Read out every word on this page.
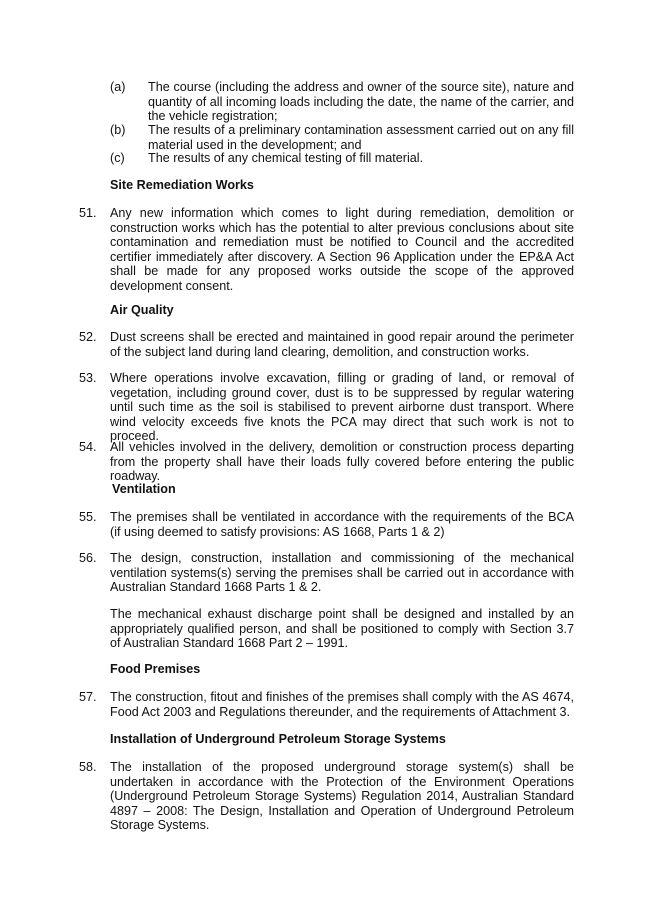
(a) The course (including the address and owner of the source site), nature and quantity of all incoming loads including the date, the name of the carrier, and the vehicle registration;
(b) The results of a preliminary contamination assessment carried out on any fill material used in the development; and
(c) The results of any chemical testing of fill material.
Site Remediation Works
51. Any new information which comes to light during remediation, demolition or construction works which has the potential to alter previous conclusions about site contamination and remediation must be notified to Council and the accredited certifier immediately after discovery. A Section 96 Application under the EP&A Act shall be made for any proposed works outside the scope of the approved development consent.
Air Quality
52. Dust screens shall be erected and maintained in good repair around the perimeter of the subject land during land clearing, demolition, and construction works.
53. Where operations involve excavation, filling or grading of land, or removal of vegetation, including ground cover, dust is to be suppressed by regular watering until such time as the soil is stabilised to prevent airborne dust transport. Where wind velocity exceeds five knots the PCA may direct that such work is not to proceed.
54. All vehicles involved in the delivery, demolition or construction process departing from the property shall have their loads fully covered before entering the public roadway.
Ventilation
55. The premises shall be ventilated in accordance with the requirements of the BCA (if using deemed to satisfy provisions: AS 1668, Parts 1 & 2)
56. The design, construction, installation and commissioning of the mechanical ventilation systems(s) serving the premises shall be carried out in accordance with Australian Standard 1668 Parts 1 & 2.
The mechanical exhaust discharge point shall be designed and installed by an appropriately qualified person, and shall be positioned to comply with Section 3.7 of Australian Standard 1668 Part 2 – 1991.
Food Premises
57. The construction, fitout and finishes of the premises shall comply with the AS 4674, Food Act 2003 and Regulations thereunder, and the requirements of Attachment 3.
Installation of Underground Petroleum Storage Systems
58. The installation of the proposed underground storage system(s) shall be undertaken in accordance with the Protection of the Environment Operations (Underground Petroleum Storage Systems) Regulation 2014, Australian Standard 4897 – 2008: The Design, Installation and Operation of Underground Petroleum Storage Systems.
